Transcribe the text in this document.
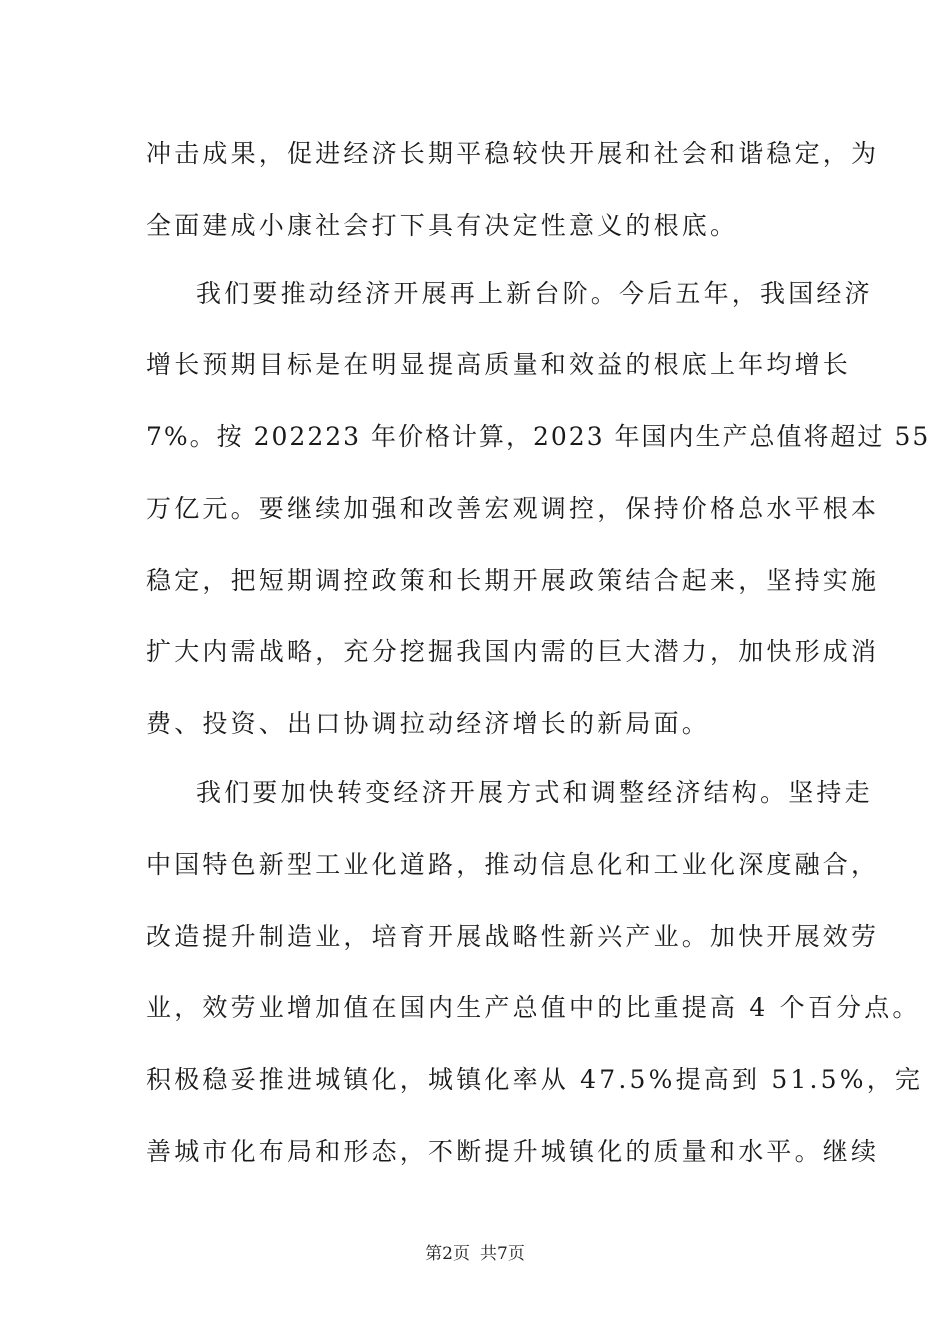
冲击成果，促进经济长期平稳较快开展和社会和谐稳定，为
全面建成小康社会打下具有决定性意义的根底。
我们要推动经济开展再上新台阶。今后五年，我国经济
增长预期目标是在明显提高质量和效益的根底上年均增长
7%。按 202223 年价格计算，2023 年国内生产总值将超过 55
万亿元。要继续加强和改善宏观调控，保持价格总水平根本
稳定，把短期调控政策和长期开展政策结合起来，坚持实施
扩大内需战略，充分挖掘我国内需的巨大潜力，加快形成消
费、投资、出口协调拉动经济增长的新局面。
我们要加快转变经济开展方式和调整经济结构。坚持走
中国特色新型工业化道路，推动信息化和工业化深度融合，
改造提升制造业，培育开展战略性新兴产业。加快开展效劳
业，效劳业增加值在国内生产总值中的比重提高 4 个百分点。
积极稳妥推进城镇化，城镇化率从 47.5%提高到 51.5%，完
善城市化布局和形态，不断提升城镇化的质量和水平。继续
第2页 共7页
